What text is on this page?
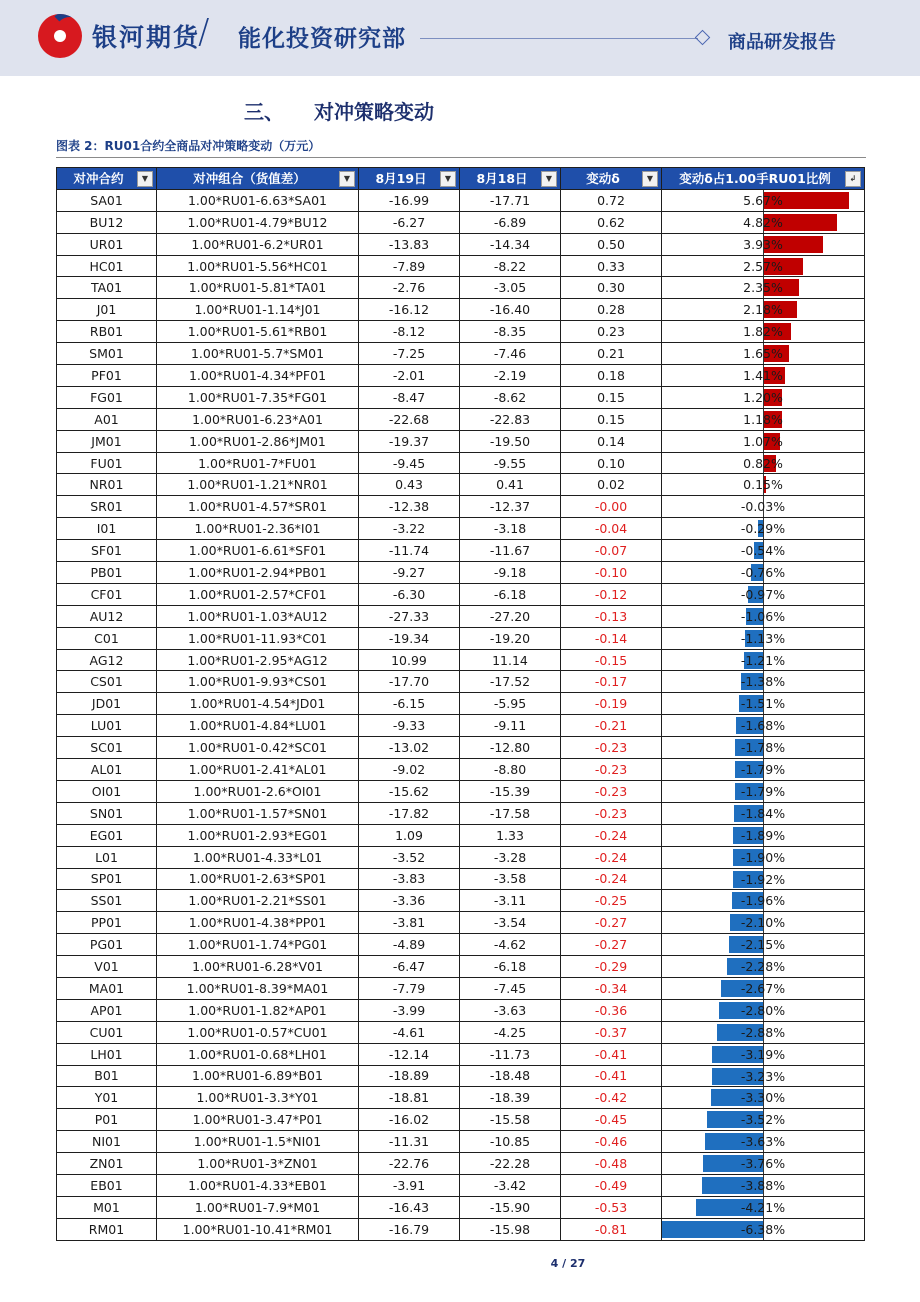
银河期货
/ 能化投资研究部	商品研发报告
三、 对冲策略变动
图表 2：RU01合约全商品对冲策略变动（万元）
对冲合约 ▼	对冲组合（货值差） ▼	8月19日 ▼	8月18日 ▼	变动δ ▼	变动δ占1.00手RU01比例 ↲

SA01	1.00*RU01-6.63*SA01	-16.99	-17.71	0.72	5.67%

BU12	1.00*RU01-4.79*BU12	-6.27	-6.89	0.62	4.82%

UR01	1.00*RU01-6.2*UR01	-13.83	-14.34	0.50	3.93%

HC01	1.00*RU01-5.56*HC01	-7.89	-8.22	0.33	2.57%

TA01	1.00*RU01-5.81*TA01	-2.76	-3.05	0.30	2.35%

J01	1.00*RU01-1.14*J01	-16.12	-16.40	0.28	2.18%

RB01	1.00*RU01-5.61*RB01	-8.12	-8.35	0.23	1.82%

SM01	1.00*RU01-5.7*SM01	-7.25	-7.46	0.21	1.65%

PF01	1.00*RU01-4.34*PF01	-2.01	-2.19	0.18	1.41%

FG01	1.00*RU01-7.35*FG01	-8.47	-8.62	0.15	1.20%

A01	1.00*RU01-6.23*A01	-22.68	-22.83	0.15	1.18%

JM01	1.00*RU01-2.86*JM01	-19.37	-19.50	0.14	1.07%

FU01	1.00*RU01-7*FU01	-9.45	-9.55	0.10	0.82%

NR01	1.00*RU01-1.21*NR01	0.43	0.41	0.02	0.15%

SR01	1.00*RU01-4.57*SR01	-12.38	-12.37	-0.00	-0.03%

I01	1.00*RU01-2.36*I01	-3.22	-3.18	-0.04	-0.29%

SF01	1.00*RU01-6.61*SF01	-11.74	-11.67	-0.07	-0.54%

PB01	1.00*RU01-2.94*PB01	-9.27	-9.18	-0.10	-0.76%

CF01	1.00*RU01-2.57*CF01	-6.30	-6.18	-0.12	-0.97%

AU12	1.00*RU01-1.03*AU12	-27.33	-27.20	-0.13	-1.06%

C01	1.00*RU01-11.93*C01	-19.34	-19.20	-0.14	-1.13%

AG12	1.00*RU01-2.95*AG12	10.99	11.14	-0.15	-1.21%

CS01	1.00*RU01-9.93*CS01	-17.70	-17.52	-0.17	-1.38%

JD01	1.00*RU01-4.54*JD01	-6.15	-5.95	-0.19	-1.51%

LU01	1.00*RU01-4.84*LU01	-9.33	-9.11	-0.21	-1.68%

SC01	1.00*RU01-0.42*SC01	-13.02	-12.80	-0.23	-1.78%

AL01	1.00*RU01-2.41*AL01	-9.02	-8.80	-0.23	-1.79%

OI01	1.00*RU01-2.6*OI01	-15.62	-15.39	-0.23	-1.79%

SN01	1.00*RU01-1.57*SN01	-17.82	-17.58	-0.23	-1.84%

EG01	1.00*RU01-2.93*EG01	1.09	1.33	-0.24	-1.89%

L01	1.00*RU01-4.33*L01	-3.52	-3.28	-0.24	-1.90%

SP01	1.00*RU01-2.63*SP01	-3.83	-3.58	-0.24	-1.92%

SS01	1.00*RU01-2.21*SS01	-3.36	-3.11	-0.25	-1.96%

PP01	1.00*RU01-4.38*PP01	-3.81	-3.54	-0.27	-2.10%

PG01	1.00*RU01-1.74*PG01	-4.89	-4.62	-0.27	-2.15%

V01	1.00*RU01-6.28*V01	-6.47	-6.18	-0.29	-2.28%

MA01	1.00*RU01-8.39*MA01	-7.79	-7.45	-0.34	-2.67%

AP01	1.00*RU01-1.82*AP01	-3.99	-3.63	-0.36	-2.80%

CU01	1.00*RU01-0.57*CU01	-4.61	-4.25	-0.37	-2.88%

LH01	1.00*RU01-0.68*LH01	-12.14	-11.73	-0.41	-3.19%

B01	1.00*RU01-6.89*B01	-18.89	-18.48	-0.41	-3.23%

Y01	1.00*RU01-3.3*Y01	-18.81	-18.39	-0.42	-3.30%

P01	1.00*RU01-3.47*P01	-16.02	-15.58	-0.45	-3.52%

NI01	1.00*RU01-1.5*NI01	-11.31	-10.85	-0.46	-3.63%

ZN01	1.00*RU01-3*ZN01	-22.76	-22.28	-0.48	-3.76%

EB01	1.00*RU01-4.33*EB01	-3.91	-3.42	-0.49	-3.88%

M01	1.00*RU01-7.9*M01	-16.43	-15.90	-0.53	-4.21%

RM01	1.00*RU01-10.41*RM01	-16.79	-15.98	-0.81	-6.38%
4 / 27
